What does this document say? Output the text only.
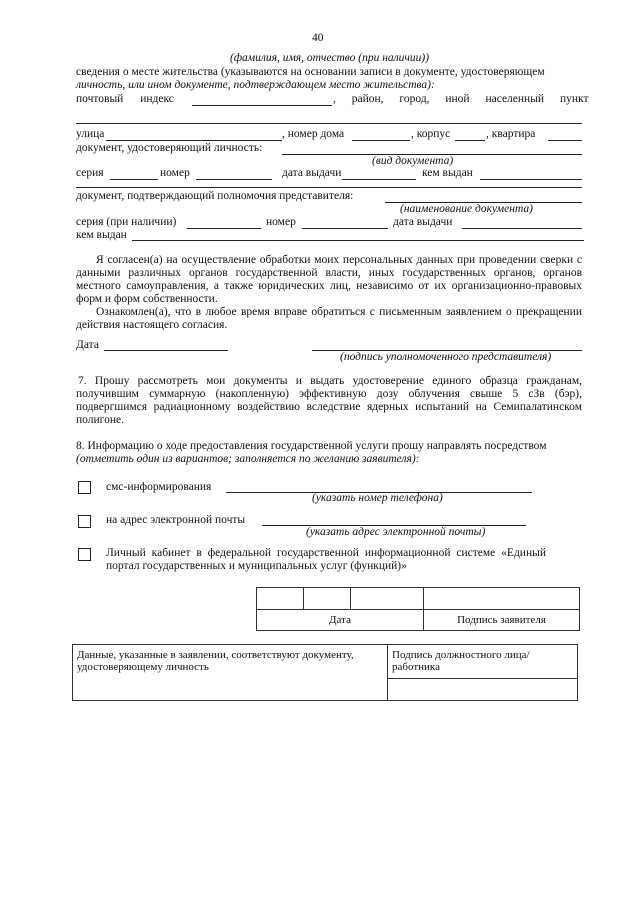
40
(фамилия, имя, отчество (при наличии))
сведения о месте жительства (указываются на основании записи в документе, удостоверяющем
личность, или ином документе, подтверждающем место жительства):
почтовый индекс	, район, город, иной населенный пункт
улица	, номер дома	, корпус	, квартира
документ, удостоверяющий личность:
(вид документа)
серия	номер	дата выдачи	кем выдан
документ, подтверждающий полномочия представителя:
(наименование документа)
серия (при наличии)	номер	дата выдачи
кем выдан
Я согласен(а) на осуществление обработки моих персональных данных при проведении сверки с данными различных органов государственной власти, иных государственных органов, органов местного самоуправления, а также юридических лиц, независимо от их организационно-правовых форм и форм собственности.
Ознакомлен(а), что в любое время вправе обратиться с письменным заявлением о прекращении действия настоящего согласия.
Дата
(подпись уполномоченного представителя)
7. Прошу рассмотреть мои документы и выдать удостоверение единого образца гражданам, получившим суммарную (накопленную) эффективную дозу облучения свыше 5 сЗв (бэр), подвергшимся радиационному воздействию вследствие ядерных испытаний на Семипалатинском полигоне.
8. Информацию о ходе предоставления государственной услуги прошу направлять посредством
(отметить один из вариантов; заполняется по желанию заявителя):
смс-информирования
(указать номер телефона)
на адрес электронной почты
(указать адрес электронной почты)
Личный кабинет в федеральной государственной информационной системе «Единый портал государственных и муниципальных услуг (функций)»

Дата			Подпись заявителя
Данные, указанные в заявлении, соответствуют документу, удостоверяющему личность	Подпись должностного лица/работника
